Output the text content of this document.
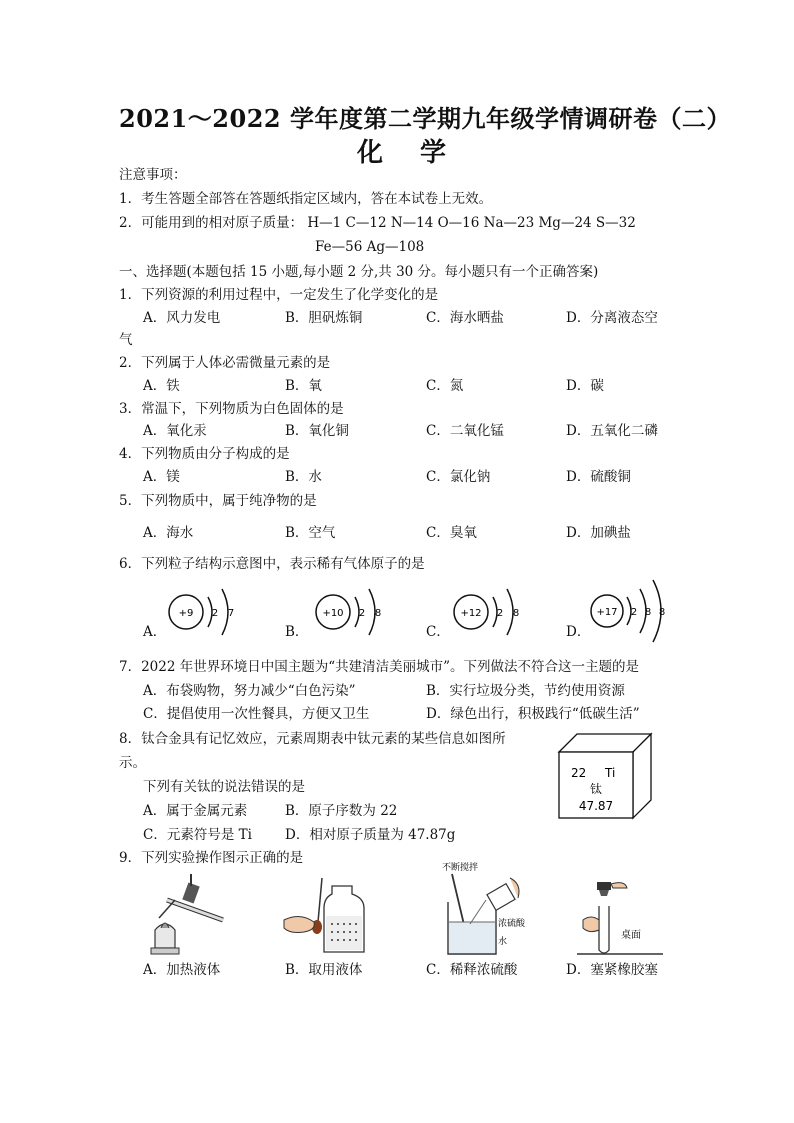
2021～2022 学年度第二学期九年级学情调研卷（二）
化 学
注意事项：
1．考生答题全部答在答题纸指定区域内，答在本试卷上无效。
2．可能用到的相对原子质量： H—1 C—12 N—14 O—16 Na—23 Mg—24 S—32
Fe—56 Ag—108
一、选择题(本题包括 15 小题,每小题 2 分,共 30 分。每小题只有一个正确答案)
1．下列资源的利用过程中，一定发生了化学变化的是
A．风力发电	B．胆矾炼铜	C．海水晒盐	D．分离液态空
气
2．下列属于人体必需微量元素的是
A．铁	B．氧	C．氮	D．碳
3．常温下，下列物质为白色固体的是
A．氧化汞	B．氧化铜	C．二氧化锰	D．五氧化二磷
4．下列物质由分子构成的是
A．镁	B．水	C．氯化钠	D．硫酸铜
5．下列物质中，属于纯净物的是
A．海水	B．空气	C．臭氧	D．加碘盐
6．下列粒子结构示意图中，表示稀有气体原子的是
A．	B．	C．	D．
+9 2 7	+10 2 8	+12 2 8	+17 2 8 8
7．2022 年世界环境日中国主题为“共建清洁美丽城市”。下列做法不符合这一主题的是
A．布袋购物，努力减少“白色污染”	B．实行垃圾分类，节约使用资源
C．提倡使用一次性餐具，方便又卫生	D．绿色出行，积极践行“低碳生活”
8．钛合金具有记忆效应，元素周期表中钛元素的某些信息如图所
示。
下列有关钛的说法错误的是
A．属于金属元素	B．原子序数为 22
C．元素符号是 Ti D．相对原子质量为 47.87g
22 Ti
钛
47.87
9．下列实验操作图示正确的是
不断搅拌
浓硫酸
水
桌面
A．加热液体	B．取用液体	C．稀释浓硫酸	D．塞紧橡胶塞
